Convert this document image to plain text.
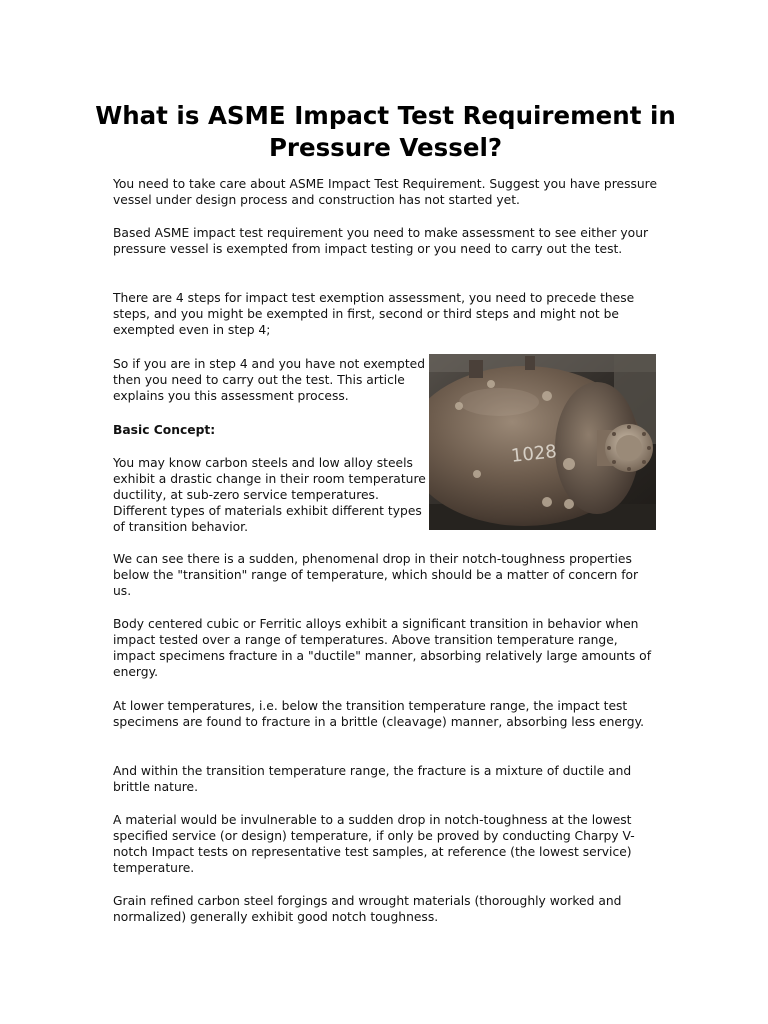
What is ASME Impact Test Requirement in Pressure Vessel?

You need to take care about ASME Impact Test Requirement. Suggest you have pressure vessel under design process and construction has not started yet.

Based ASME impact test requirement you need to make assessment to see either your pressure vessel is exempted from impact testing or you need to carry out the test.

There are 4 steps for impact test exemption assessment, you need to precede these steps, and you might be exempted in first, second or third steps and might not be exempted even in step 4;

So if you are in step 4 and you have not exempted then you need to carry out the test. This article explains you this assessment process.

Basic Concept:

You may know carbon steels and low alloy steels exhibit a drastic change in their room temperature ductility, at sub-zero service temperatures. Different types of materials exhibit different types of transition behavior.

We can see there is a sudden, phenomenal drop in their notch-toughness properties below the "transition" range of temperature, which should be a matter of concern for us.

Body centered cubic or Ferritic alloys exhibit a significant transition in behavior when impact tested over a range of temperatures. Above transition temperature range, impact specimens fracture in a "ductile" manner, absorbing relatively large amounts of energy.

At lower temperatures, i.e. below the transition temperature range, the impact test specimens are found to fracture in a brittle (cleavage) manner, absorbing less energy.

And within the transition temperature range, the fracture is a mixture of ductile and brittle nature.

A material would be invulnerable to a sudden drop in notch-toughness at the lowest specified service (or design) temperature, if only be proved by conducting Charpy V-notch Impact tests on representative test samples, at reference (the lowest service) temperature.

Grain refined carbon steel forgings and wrought materials (thoroughly worked and normalized) generally exhibit good notch toughness.

1028
